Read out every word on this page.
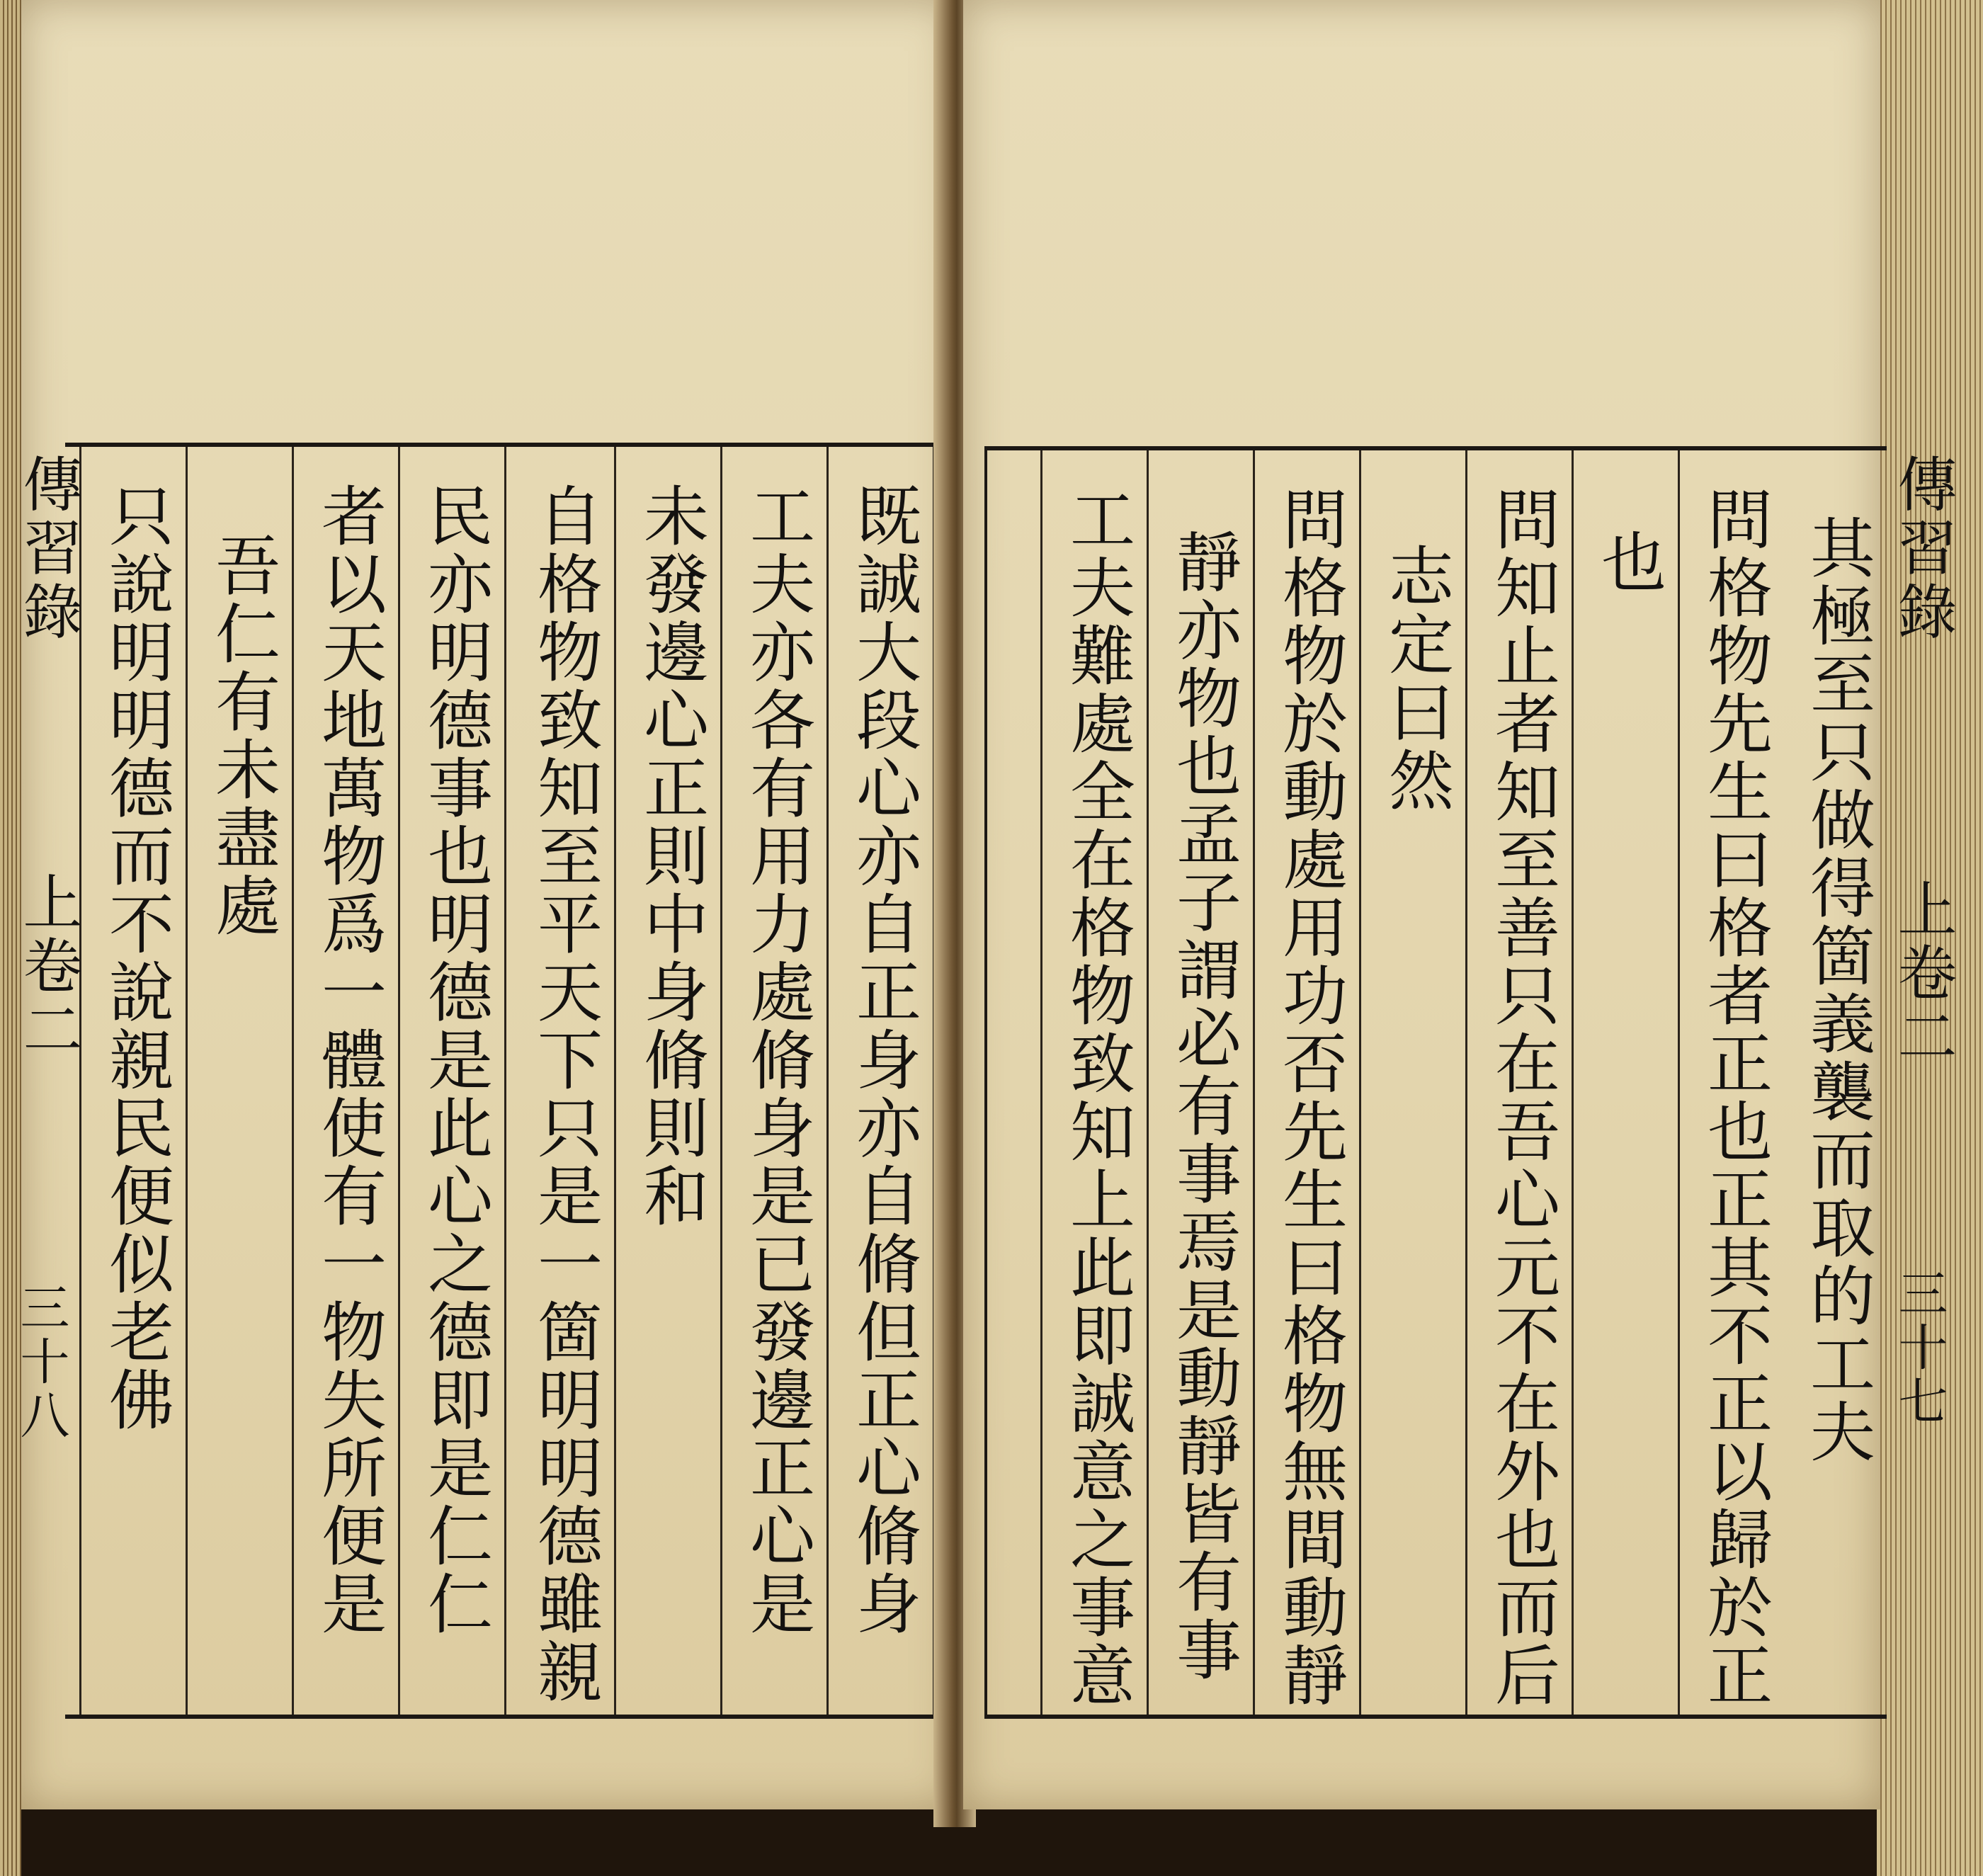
既誠大段心亦自正身亦自脩但正心脩身
工夫亦各有用力處脩身是已發邊正心是
未發邊心正則中身脩則和
自格物致知至平天下只是一箇明明德雖親
民亦明德事也明德是此心之德即是仁仁
者以天地萬物爲一體使有一物失所便是
吾仁有未盡處
只說明明德而不說親民便似老佛
傳習錄
上卷二
三十八	其極至只做得箇義襲而取的工夫
問格物先生曰格者正也正其不正以歸於正
也
問知止者知至善只在吾心元不在外也而后
志定曰然
問格物於動處用功否先生曰格物無間動靜
靜亦物也孟子謂必有事焉是動靜皆有事
工夫難處全在格物致知上此即誠意之事意	傳習錄
上卷二
三十七
